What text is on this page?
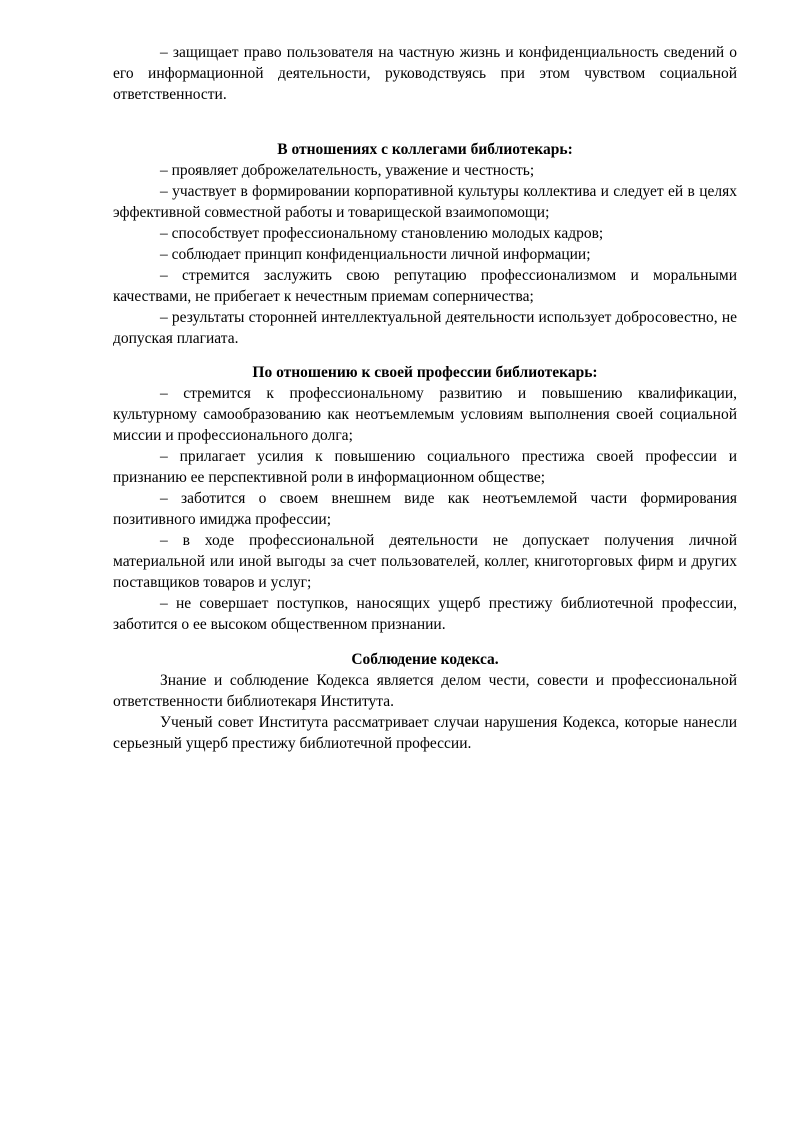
– защищает право пользователя на частную жизнь и конфиденциальность сведений о его информационной деятельности, руководствуясь при этом чувством социальной ответственности.

В отношениях с коллегами библиотекарь:

– проявляет доброжелательность, уважение и честность;

– участвует в формировании корпоративной культуры коллектива и следует ей в целях эффективной совместной работы и товарищеской взаимопомощи;

– способствует профессиональному становлению молодых кадров;

– соблюдает принцип конфиденциальности личной информации;

– стремится заслужить свою репутацию профессионализмом и моральными качествами, не прибегает к нечестным приемам соперничества;

– результаты сторонней интеллектуальной деятельности использует добросовестно, не допуская плагиата.

По отношению к своей профессии библиотекарь:

– стремится к профессиональному развитию и повышению квалификации, культурному самообразованию как неотъемлемым условиям выполнения своей социальной миссии и профессионального долга;

– прилагает усилия к повышению социального престижа своей профессии и признанию ее перспективной роли в информационном обществе;

– заботится о своем внешнем виде как неотъемлемой части формирования позитивного имиджа профессии;

– в ходе профессиональной деятельности не допускает получения личной материальной или иной выгоды за счет пользователей, коллег, книготорговых фирм и других поставщиков товаров и услуг;

– не совершает поступков, наносящих ущерб престижу библиотечной профессии, заботится о ее высоком общественном признании.

Соблюдение кодекса.

Знание и соблюдение Кодекса является делом чести, совести и профессиональной ответственности библиотекаря Института.

Ученый совет Института рассматривает случаи нарушения Кодекса, которые нанесли серьезный ущерб престижу библиотечной профессии.
